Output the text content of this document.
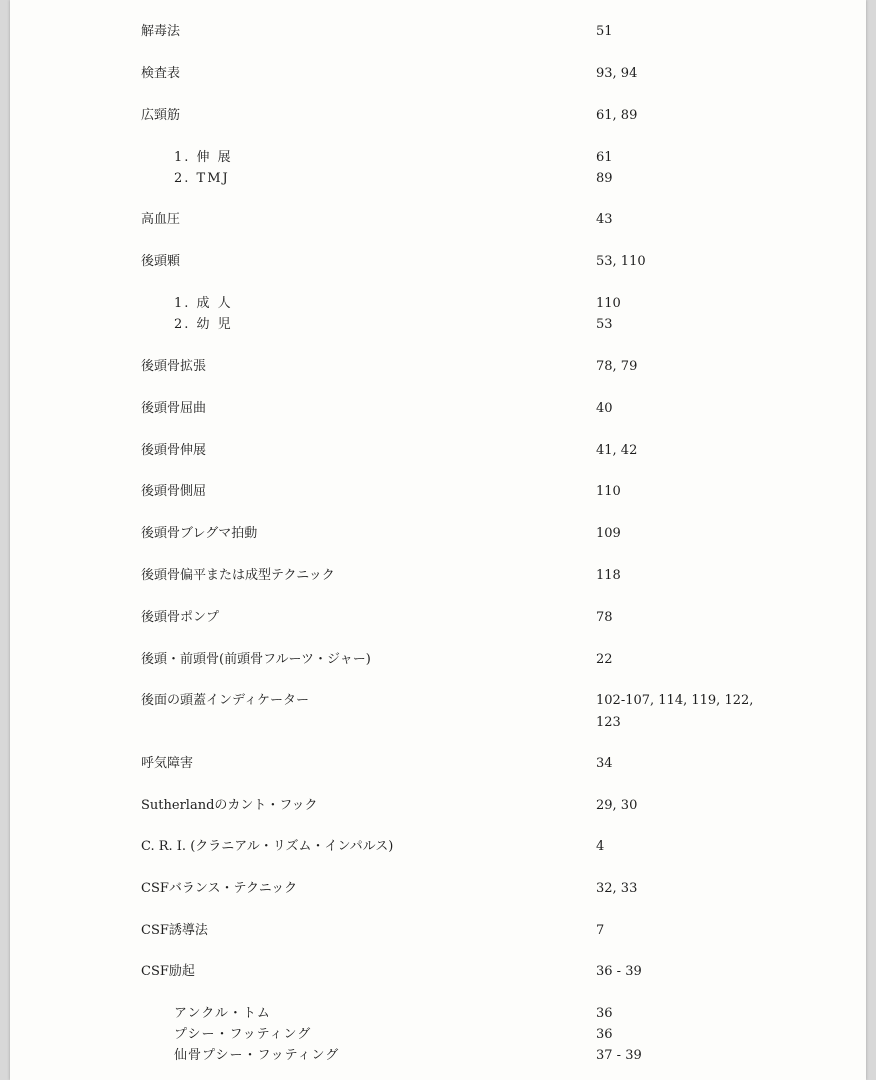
解毒法	51
検査表	93, 94
広頸筋	61, 89
1. 伸 展	61
2. TMJ	89
高血圧	43
後頭顆	53, 110
1. 成 人	110
2. 幼 児	53
後頭骨拡張	78, 79
後頭骨屈曲	40
後頭骨伸展	41, 42
後頭骨側屈	110
後頭骨ブレグマ拍動	109
後頭骨偏平または成型テクニック	118
後頭骨ポンプ	78
後頭・前頭骨(前頭骨フルーツ・ジャー)	22
後面の頭蓋インディケーター	102-107, 114, 119, 122,
123
呼気障害	34
Sutherlandのカント・フック	29, 30
C. R. I. (クラニアル・リズム・インパルス)	4
CSFバランス・テクニック	32, 33
CSF誘導法	7
CSF励起	36 - 39
アンクル・トム	36
プシー・フッティング	36
仙骨プシー・フッティング	37 - 39
